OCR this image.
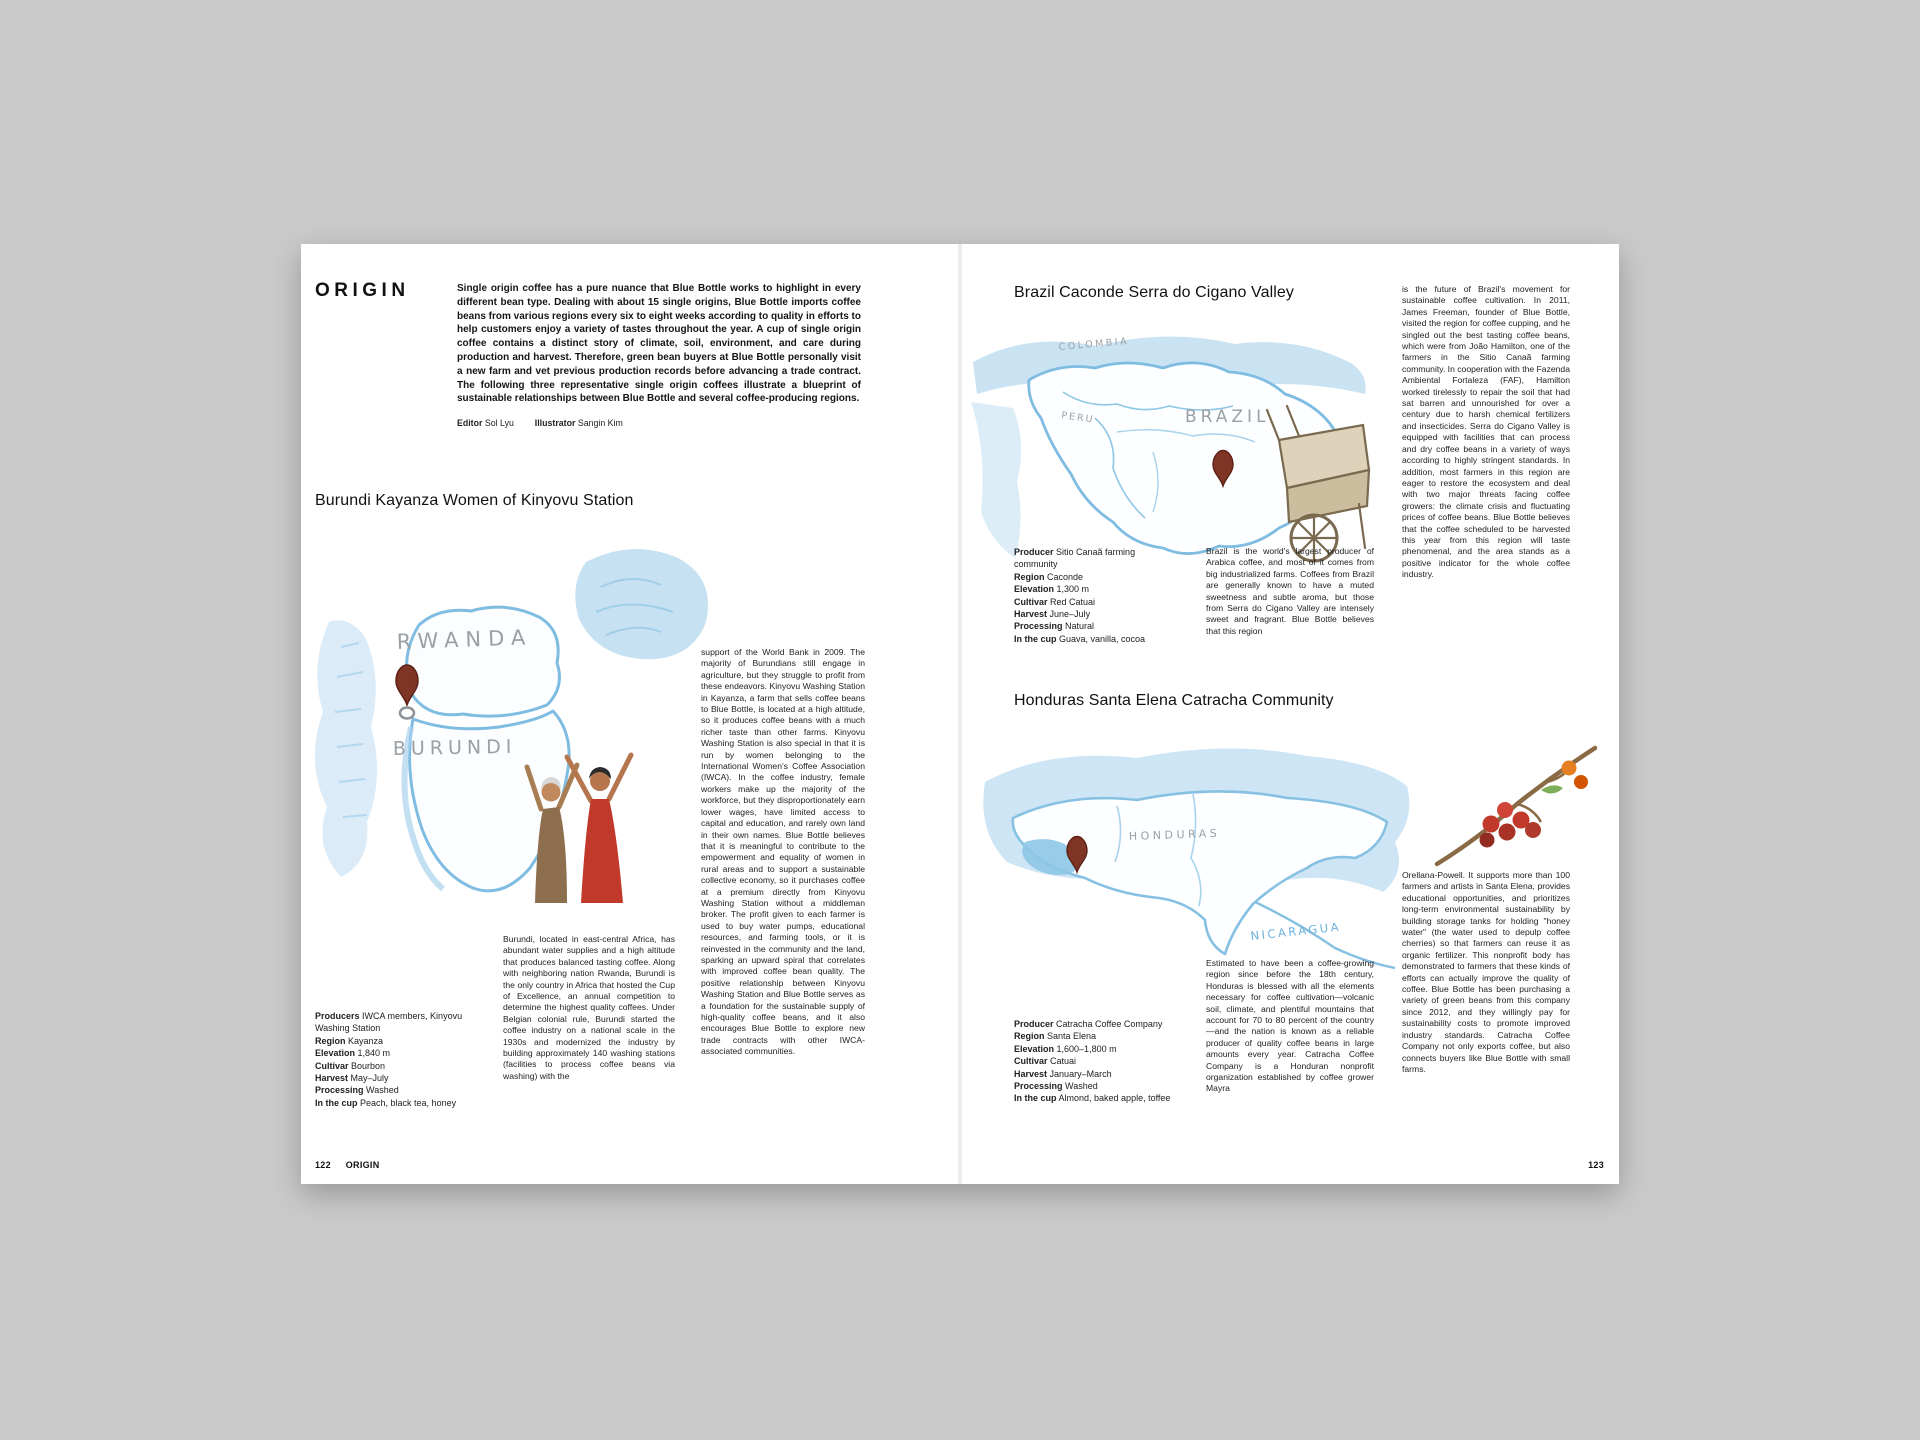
ORIGIN	Single origin coffee has a pure nuance that Blue Bottle works to highlight in every different bean type. Dealing with about 15 single origins, Blue Bottle imports coffee beans from various regions every six to eight weeks according to quality in efforts to help customers enjoy a variety of tastes throughout the year. A cup of single origin coffee contains a distinct story of climate, soil, environment, and care during production and harvest. Therefore, green bean buyers at Blue Bottle personally visit a new farm and vet previous production records before advancing a trade contract. The following three representative single origin coffees illustrate a blueprint of sustainable relationships between Blue Bottle and several coffee-producing regions.

Editor Sol Lyu Illustrator Sangin Kim

Burundi Kayanza Women of Kinyovu Station
RWANDA
BURUNDI
support of the World Bank in 2009. The majority of Burundians still engage in agriculture, but they struggle to profit from these endeavors. Kinyovu Washing Station in Kayanza, a farm that sells coffee beans to Blue Bottle, is located at a high altitude, so it produces coffee beans with a much richer taste than other farms. Kinyovu Washing Station is also special in that it is run by women belonging to the International Women's Coffee Association (IWCA). In the coffee industry, female workers make up the majority of the workforce, but they disproportionately earn lower wages, have limited access to capital and education, and rarely own land in their own names. Blue Bottle believes that it is meaningful to contribute to the empowerment and equality of women in rural areas and to support a sustainable collective economy, so it purchases coffee at a premium directly from Kinyovu Washing Station without a middleman broker. The profit given to each farmer is used to buy water pumps, educational resources, and farming tools, or it is reinvested in the community and the land, sparking an upward spiral that correlates with improved coffee bean quality. The positive relationship between Kinyovu Washing Station and Blue Bottle serves as a foundation for the sustainable supply of high-quality coffee beans, and it also encourages Blue Bottle to explore new trade contracts with other IWCA-associated communities.
Burundi, located in east-central Africa, has abundant water supplies and a high altitude that produces balanced tasting coffee. Along with neighboring nation Rwanda, Burundi is the only country in Africa that hosted the Cup of Excellence, an annual competition to determine the highest quality coffees. Under Belgian colonial rule, Burundi started the coffee industry on a national scale in the 1930s and modernized the industry by building approximately 140 washing stations (facilities to process coffee beans via washing) with the

Producers IWCA members, Kinyovu Washing Station

Region Kayanza

Elevation 1,840 m

Cultivar Bourbon

Harvest May–July

Processing Washed

In the cup Peach, black tea, honey

122 ORIGIN
Brazil Caconde Serra do Cigano Valley
COLOMBIA
PERU	BRAZIL
is the future of Brazil's movement for sustainable coffee cultivation. In 2011, James Freeman, founder of Blue Bottle, visited the region for coffee cupping, and he singled out the best tasting coffee beans, which were from João Hamilton, one of the farmers in the Sitio Canaã farming community. In cooperation with the Fazenda Ambiental Fortaleza (FAF), Hamilton worked tirelessly to repair the soil that had sat barren and unnourished for over a century due to harsh chemical fertilizers and insecticides. Serra do Cigano Valley is equipped with facilities that can process and dry coffee beans in a variety of ways according to highly stringent standards. In addition, most farmers in this region are eager to restore the ecosystem and deal with two major threats facing coffee growers: the climate crisis and fluctuating prices of coffee beans. Blue Bottle believes that the coffee scheduled to be harvested this year from this region will taste phenomenal, and the area stands as a positive indicator for the whole coffee industry.

Producer Sitio Canaã farming community

Region Caconde

Elevation 1,300 m

Cultivar Red Catuai

Harvest June–July

Processing Natural

In the cup Guava, vanilla, cocoa

Brazil is the world's largest producer of Arabica coffee, and most of it comes from big industrialized farms. Coffees from Brazil are generally known to have a muted sweetness and subtle aroma, but those from Serra do Cigano Valley are intensely sweet and fragrant. Blue Bottle believes that this region
Honduras Santa Elena Catracha Community
HONDURAS
NICARAGUA
Orellana-Powell. It supports more than 100 farmers and artists in Santa Elena, provides educational opportunities, and prioritizes long-term environmental sustainability by building storage tanks for holding "honey water" (the water used to depulp coffee cherries) so that farmers can reuse it as organic fertilizer. This nonprofit body has demonstrated to farmers that these kinds of efforts can actually improve the quality of coffee. Blue Bottle has been purchasing a variety of green beans from this company since 2012, and they willingly pay for sustainability costs to promote improved industry standards. Catracha Coffee Company not only exports coffee, but also connects buyers like Blue Bottle with small farms.
Estimated to have been a coffee-growing region since before the 18th century, Honduras is blessed with all the elements necessary for coffee cultivation—volcanic soil, climate, and plentiful mountains that account for 70 to 80 percent of the country—and the nation is known as a reliable producer of quality coffee beans in large amounts every year. Catracha Coffee Company is a Honduran nonprofit organization established by coffee grower Mayra

Producer Catracha Coffee Company

Region Santa Elena

Elevation 1,600–1,800 m

Cultivar Catuai

Harvest January–March

Processing Washed

In the cup Almond, baked apple, toffee

123
